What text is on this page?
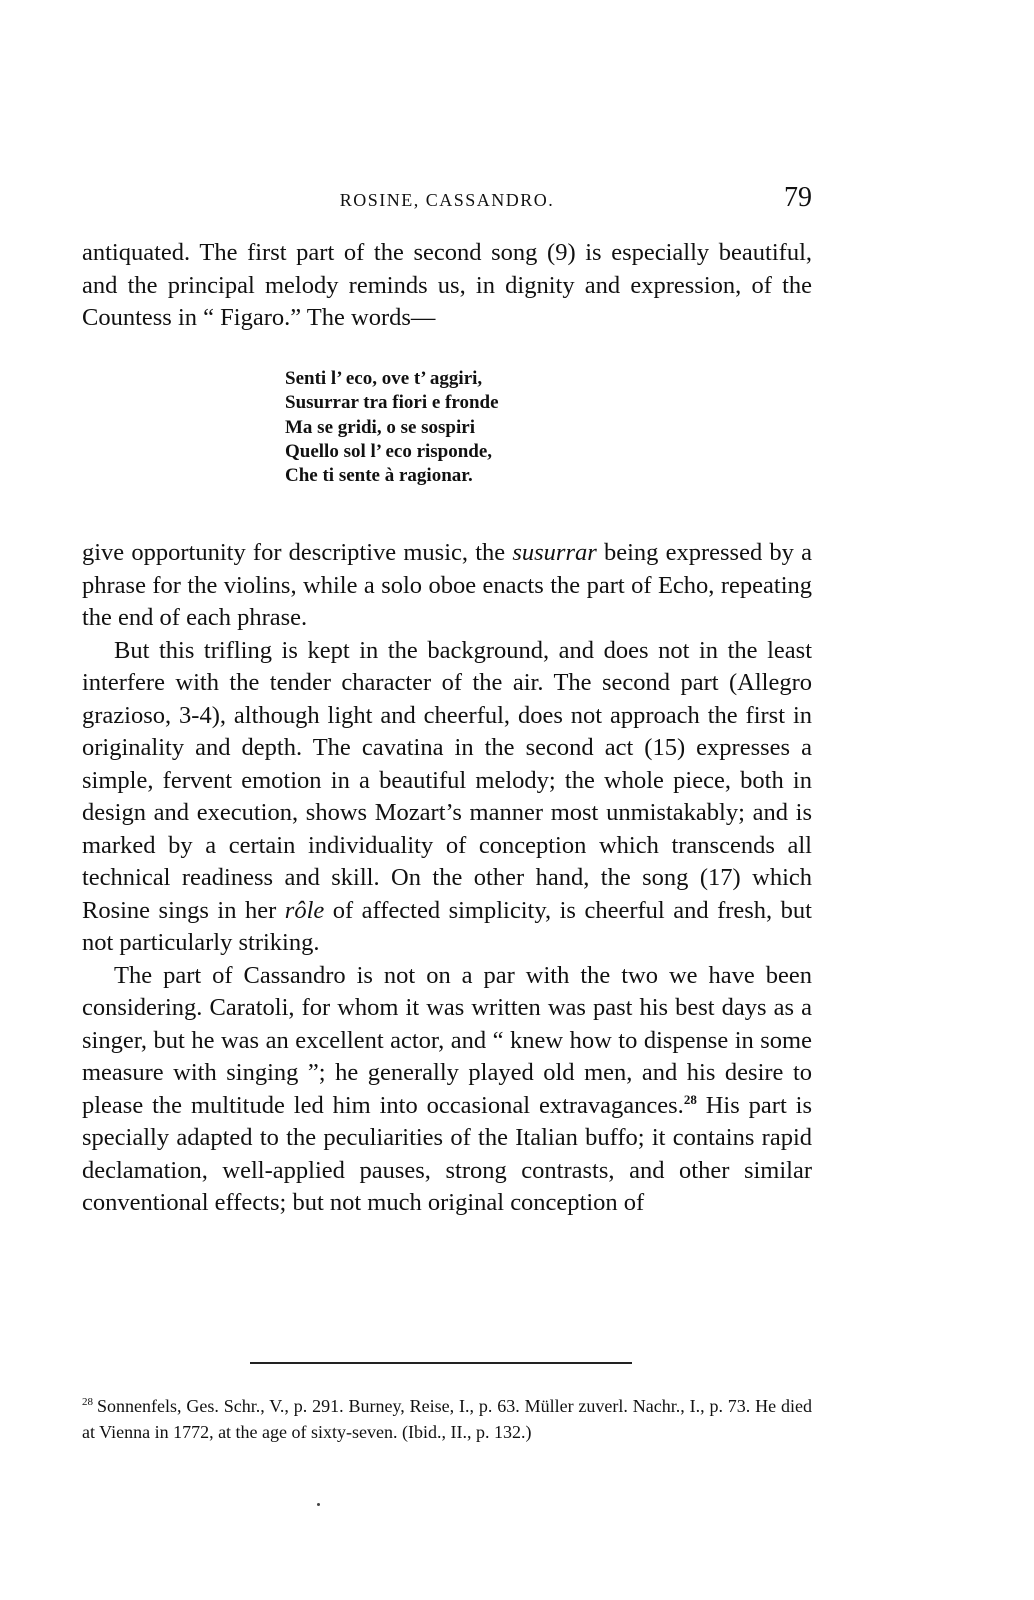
ROSINE, CASSANDRO.	79

antiquated. The first part of the second song (9) is especially beautiful, and the principal melody reminds us, in dignity and expression, of the Countess in “ Figaro.” The words—

Senti l’ eco, ove t’ aggiri,
Susurrar tra fiori e fronde
Ma se gridi, o se sospiri
Quello sol l’ eco risponde,
Che ti sente à ragionar.

give opportunity for descriptive music, the susurrar being expressed by a phrase for the violins, while a solo oboe enacts the part of Echo, repeating the end of each phrase.

But this trifling is kept in the background, and does not in the least interfere with the tender character of the air. The second part (Allegro grazioso, 3-4), although light and cheerful, does not approach the first in originality and depth. The cavatina in the second act (15) expresses a simple, fervent emotion in a beautiful melody; the whole piece, both in design and execution, shows Mozart’s manner most unmistakably; and is marked by a certain individuality of conception which transcends all technical readiness and skill. On the other hand, the song (17) which Rosine sings in her rôle of affected simplicity, is cheerful and fresh, but not particularly striking.

The part of Cassandro is not on a par with the two we have been considering. Caratoli, for whom it was written was past his best days as a singer, but he was an excellent actor, and “ knew how to dispense in some measure with singing ”; he generally played old men, and his desire to please the multitude led him into occasional extravagances.$^{28}$ His part is specially adapted to the peculiarities of the Italian buffo; it contains rapid declamation, well-applied pauses, strong contrasts, and other similar conventional effects; but not much original conception of

$^{28}$ Sonnenfels, Ges. Schr., V., p. 291. Burney, Reise, I., p. 63. Müller zuverl. Nachr., I., p. 73. He died at Vienna in 1772, at the age of sixty-seven. (Ibid., II., p. 132.)
